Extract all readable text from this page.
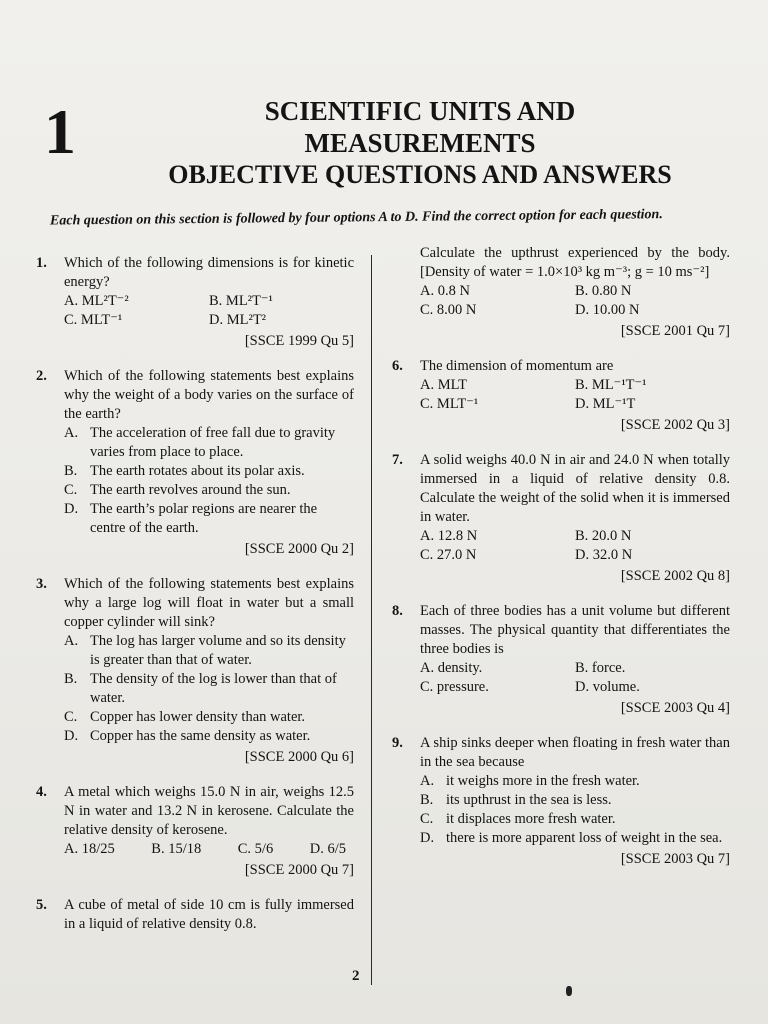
1	SCIENTIFIC UNITS AND
MEASUREMENTS
OBJECTIVE QUESTIONS AND ANSWERS
Each question on this section is followed by four options A to D. Find the correct option for each question.
1. Which of the following dimensions is for kinetic energy?
A. ML²T⁻²	B. ML²T⁻¹
C. MLT⁻¹	D. ML²T²
[SSCE 1999 Qu 5]
2. Which of the following statements best explains why the weight of a body varies on the surface of the earth?
A. The acceleration of free fall due to gravity varies from place to place.
B. The earth rotates about its polar axis.
C. The earth revolves around the sun.
D. The earth’s polar regions are nearer the centre of the earth.
[SSCE 2000 Qu 2]
3. Which of the following statements best explains why a large log will float in water but a small copper cylinder will sink?
A. The log has larger volume and so its density is greater than that of water.
B. The density of the log is lower than that of water.
C. Copper has lower density than water.
D. Copper has the same density as water.
[SSCE 2000 Qu 6]
4. A metal which weighs 15.0 N in air, weighs 12.5 N in water and 13.2 N in kerosene. Calculate the relative density of kerosene.
A. 18/25	B. 15/18	C. 5/6	D. 6/5
[SSCE 2000 Qu 7]
5. A cube of metal of side 10 cm is fully immersed in a liquid of relative density 0.8.
Calculate the upthrust experienced by the body. [Density of water = 1.0×10³ kg m⁻³; g = 10 ms⁻²]
A. 0.8 N	B. 0.80 N
C. 8.00 N	D. 10.00 N
[SSCE 2001 Qu 7]
6. The dimension of momentum are
A. MLT	B. ML⁻¹T⁻¹
C. MLT⁻¹	D. ML⁻¹T
[SSCE 2002 Qu 3]
7. A solid weighs 40.0 N in air and 24.0 N when totally immersed in a liquid of relative density 0.8. Calculate the weight of the solid when it is immersed in water.
A. 12.8 N	B. 20.0 N
C. 27.0 N	D. 32.0 N
[SSCE 2002 Qu 8]
8. Each of three bodies has a unit volume but different masses. The physical quantity that differentiates the three bodies is
A. density.	B. force.
C. pressure.	D. volume.
[SSCE 2003 Qu 4]
9. A ship sinks deeper when floating in fresh water than in the sea because
A. it weighs more in the fresh water.
B. its upthrust in the sea is less.
C. it displaces more fresh water.
D. there is more apparent loss of weight in the sea.
[SSCE 2003 Qu 7]
2
